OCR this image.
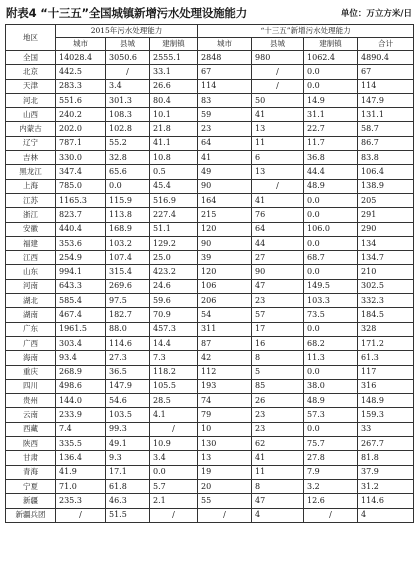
附表4 “十三五”全国城镇新增污水处理设施能力	单位：万立方米/日
地区	2015年污水处理能力			“十三五”新增污水处理能力			
	城市	县城	建制镇	城市	县城	建制镇	合计
全国	14028.4	3050.6	2555.1	2848	980	1062.4	4890.4
北京	442.5	/	33.1	67	/	0.0	67
天津	283.3	3.4	26.6	114	/	0.0	114
河北	551.6	301.3	80.4	83	50	14.9	147.9
山西	240.2	108.3	10.1	59	41	31.1	131.1
内蒙古	202.0	102.8	21.8	23	13	22.7	58.7
辽宁	787.1	55.2	41.1	64	11	11.7	86.7
吉林	330.0	32.8	10.8	41	6	36.8	83.8
黑龙江	347.4	65.6	0.5	49	13	44.4	106.4
上海	785.0	0.0	45.4	90	/	48.9	138.9
江苏	1165.3	115.9	516.9	164	41	0.0	205
浙江	823.7	113.8	227.4	215	76	0.0	291
安徽	440.4	168.9	51.1	120	64	106.0	290
福建	353.6	103.2	129.2	90	44	0.0	134
江西	254.9	107.4	25.0	39	27	68.7	134.7
山东	994.1	315.4	423.2	120	90	0.0	210
河南	643.3	269.6	24.6	106	47	149.5	302.5
湖北	585.4	97.5	59.6	206	23	103.3	332.3
湖南	467.4	182.7	70.9	54	57	73.5	184.5
广东	1961.5	88.0	457.3	311	17	0.0	328
广西	303.4	114.6	14.4	87	16	68.2	171.2
海南	93.4	27.3	7.3	42	8	11.3	61.3
重庆	268.9	36.5	118.2	112	5	0.0	117
四川	498.6	147.9	105.5	193	85	38.0	316
贵州	144.0	54.6	28.5	74	26	48.9	148.9
云南	233.9	103.5	4.1	79	23	57.3	159.3
西藏	7.4	99.3	/	10	23	0.0	33
陕西	335.5	49.1	10.9	130	62	75.7	267.7
甘肃	136.4	9.3	3.4	13	41	27.8	81.8
青海	41.9	17.1	0.0	19	11	7.9	37.9
宁夏	71.0	61.8	5.7	20	8	3.2	31.2
新疆	235.3	46.3	2.1	55	47	12.6	114.6
新疆兵团	/	51.5	/	/	4	/	4
